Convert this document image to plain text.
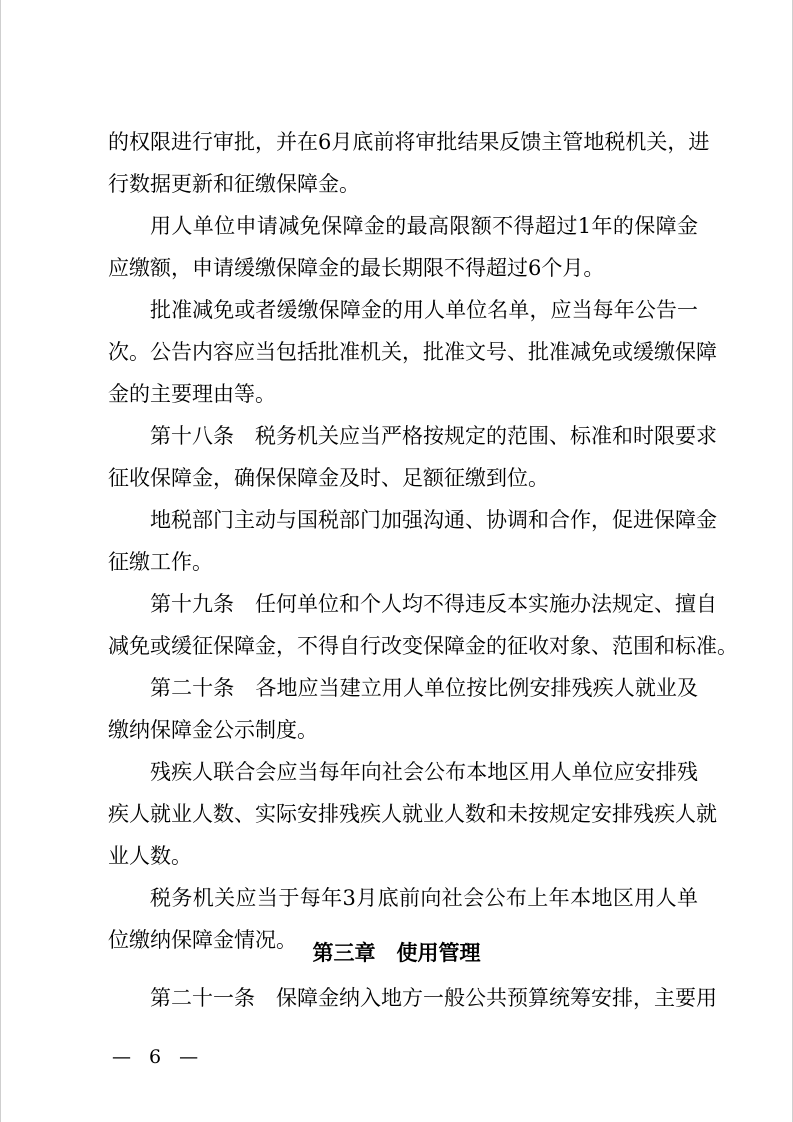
的权限进行审批，并在6月底前将审批结果反馈主管地税机关，进
行数据更新和征缴保障金。
用人单位申请减免保障金的最高限额不得超过1年的保障金
应缴额，申请缓缴保障金的最长期限不得超过6个月。
批准减免或者缓缴保障金的用人单位名单，应当每年公告一
次。公告内容应当包括批准机关，批准文号、批准减免或缓缴保障
金的主要理由等。
第十八条　税务机关应当严格按规定的范围、标准和时限要求
征收保障金，确保保障金及时、足额征缴到位。
地税部门主动与国税部门加强沟通、协调和合作，促进保障金
征缴工作。
第十九条　任何单位和个人均不得违反本实施办法规定、擅自
减免或缓征保障金，不得自行改变保障金的征收对象、范围和标准。
第二十条　各地应当建立用人单位按比例安排残疾人就业及
缴纳保障金公示制度。
残疾人联合会应当每年向社会公布本地区用人单位应安排残
疾人就业人数、实际安排残疾人就业人数和未按规定安排残疾人就
业人数。
税务机关应当于每年3月底前向社会公布上年本地区用人单
第三章　使用管理
第二十一条　保障金纳入地方一般公共预算统筹安排，主要用
— 6 —
位缴纳保障金情况。
